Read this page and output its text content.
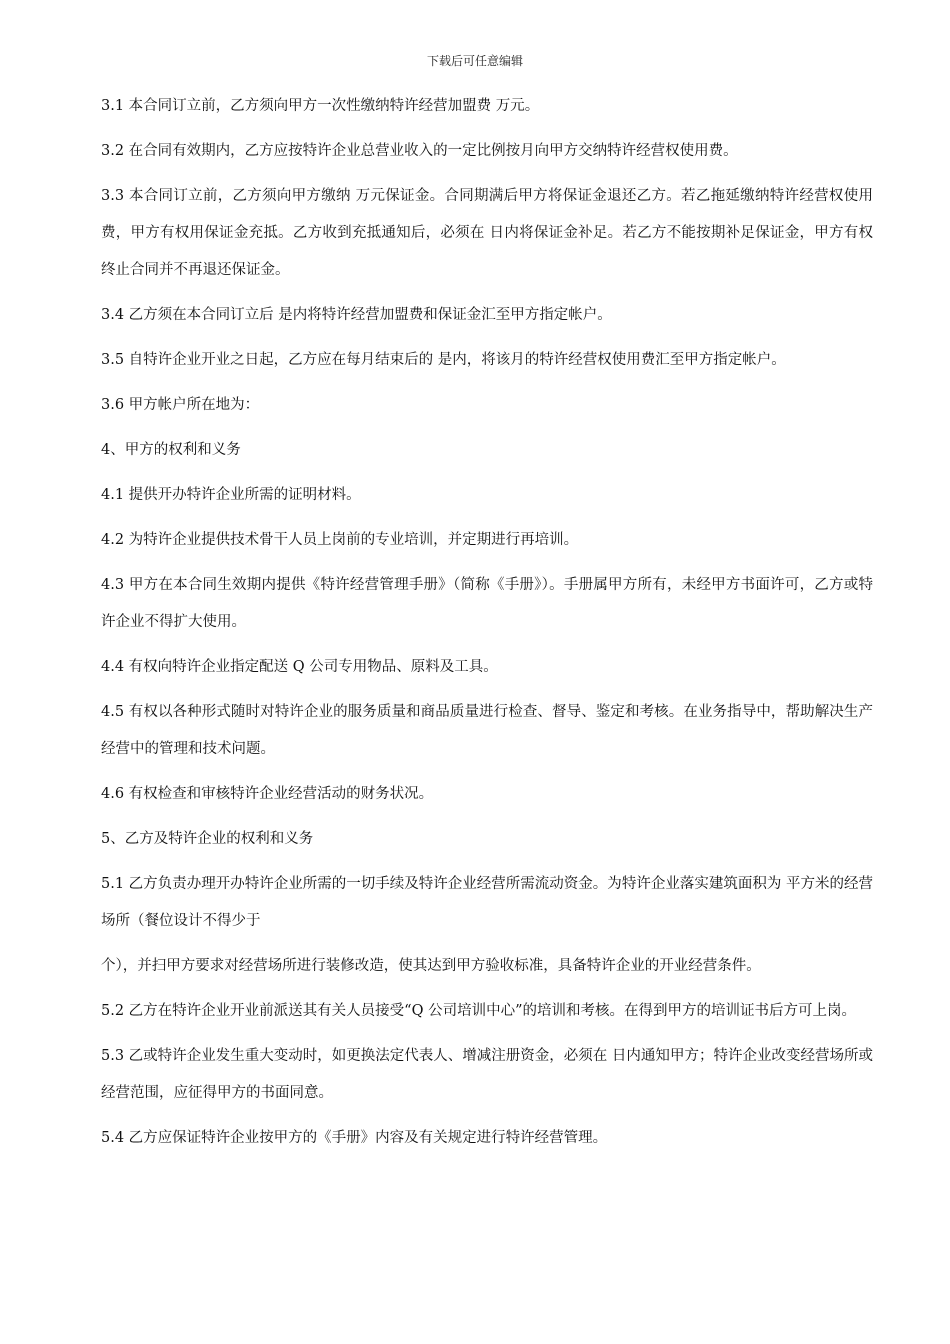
下载后可任意编辑

3.1 本合同订立前，乙方须向甲方一次性缴纳特许经营加盟费 万元。

3.2 在合同有效期内，乙方应按特许企业总营业收入的一定比例按月向甲方交纳特许经营权使用费。

3.3 本合同订立前，乙方须向甲方缴纳 万元保证金。合同期满后甲方将保证金退还乙方。若乙拖延缴纳特许经营权使用费，甲方有权用保证金充抵。乙方收到充抵通知后，必须在 日内将保证金补足。若乙方不能按期补足保证金，甲方有权终止合同并不再退还保证金。

3.4 乙方须在本合同订立后 是内将特许经营加盟费和保证金汇至甲方指定帐户。

3.5 自特许企业开业之日起，乙方应在每月结束后的 是内，将该月的特许经营权使用费汇至甲方指定帐户。

3.6 甲方帐户所在地为：

4、甲方的权利和义务

4.1 提供开办特许企业所需的证明材料。

4.2 为特许企业提供技术骨干人员上岗前的专业培训，并定期进行再培训。

4.3 甲方在本合同生效期内提供《特许经营管理手册》（简称《手册》）。手册属甲方所有，未经甲方书面许可，乙方或特许企业不得扩大使用。

4.4 有权向特许企业指定配送 Q 公司专用物品、原料及工具。

4.5 有权以各种形式随时对特许企业的服务质量和商品质量进行检查、督导、鉴定和考核。在业务指导中，帮助解决生产经营中的管理和技术问题。

4.6 有权检查和审核特许企业经营活动的财务状况。

5、乙方及特许企业的权利和义务

5.1 乙方负责办理开办特许企业所需的一切手续及特许企业经营所需流动资金。为特许企业落实建筑面积为 平方米的经营场所（餐位设计不得少于

个），并扫甲方要求对经营场所进行装修改造，使其达到甲方验收标准，具备特许企业的开业经营条件。

5.2 乙方在特许企业开业前派送其有关人员接受“Q 公司培训中心”的培训和考核。在得到甲方的培训证书后方可上岗。

5.3 乙或特许企业发生重大变动时，如更换法定代表人、增减注册资金，必须在 日内通知甲方；特许企业改变经营场所或经营范围，应征得甲方的书面同意。

5.4 乙方应保证特许企业按甲方的《手册》内容及有关规定进行特许经营管理。
